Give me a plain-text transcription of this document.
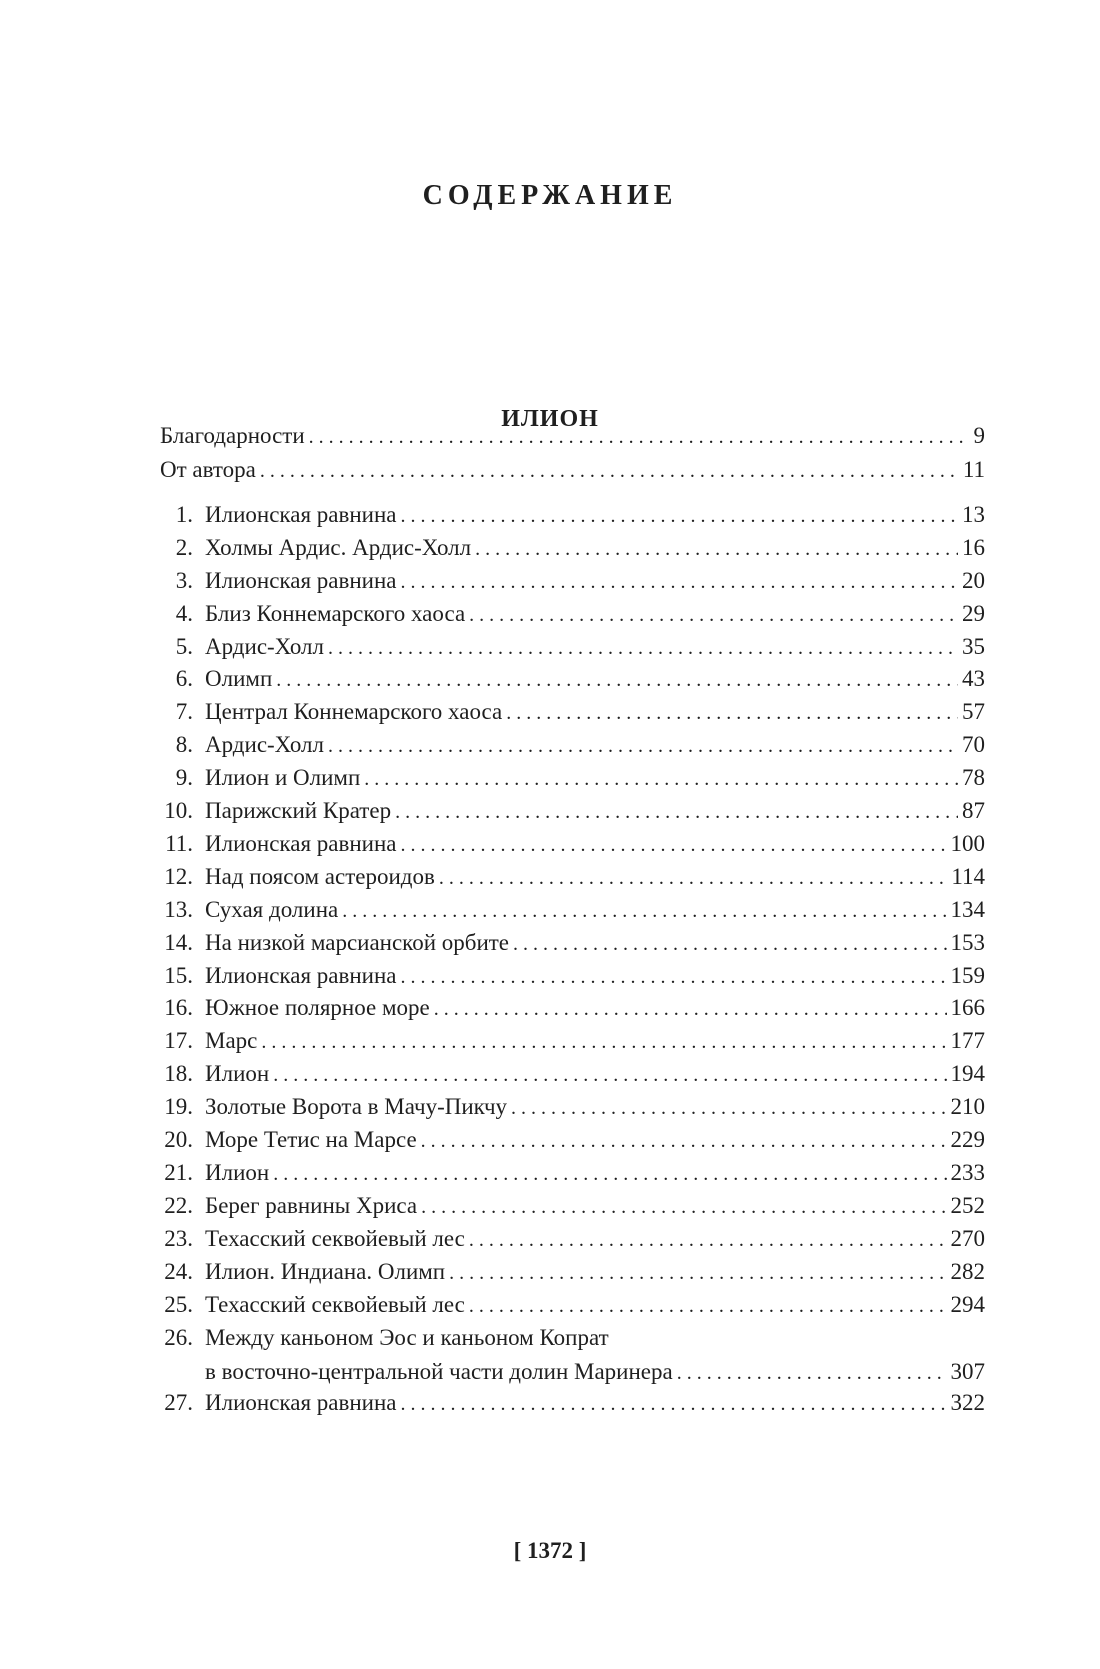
СОДЕРЖАНИЕ
ИЛИОН
Благодарности . . .	9
От автора . . .	11
1. Илионская равнина . . .	13
2. Холмы Ардис. Ардис-Холл . . .	16
3. Илионская равнина . . .	20
4. Близ Коннемарского хаоса . . .	29
5. Ардис-Холл . . .	35
6. Олимп . . .	43
7. Централ Коннемарского хаоса . . .	57
8. Ардис-Холл . . .	70
9. Илион и Олимп . . .	78
10. Парижский Кратер . . .	87
11. Илионская равнина . . .	100
12. Над поясом астероидов . . .	114
13. Сухая долина . . .	134
14. На низкой марсианской орбите . . .	153
15. Илионская равнина . . .	159
16. Южное полярное море . . .	166
17. Марс . . .	177
18. Илион . . .	194
19. Золотые Ворота в Мачу-Пикчу . . .	210
20. Море Тетис на Марсе . . .	229
21. Илион . . .	233
22. Берег равнины Хриса . . .	252
23. Техасский секвойевый лес . . .	270
24. Илион. Индиана. Олимп . . .	282
25. Техасский секвойевый лес . . .	294
26. Между каньоном Эос и каньоном Копрат
в восточно-центральной части долин Маринера . . .	307
27. Илионская равнина . . .	322
[ 1372 ]
